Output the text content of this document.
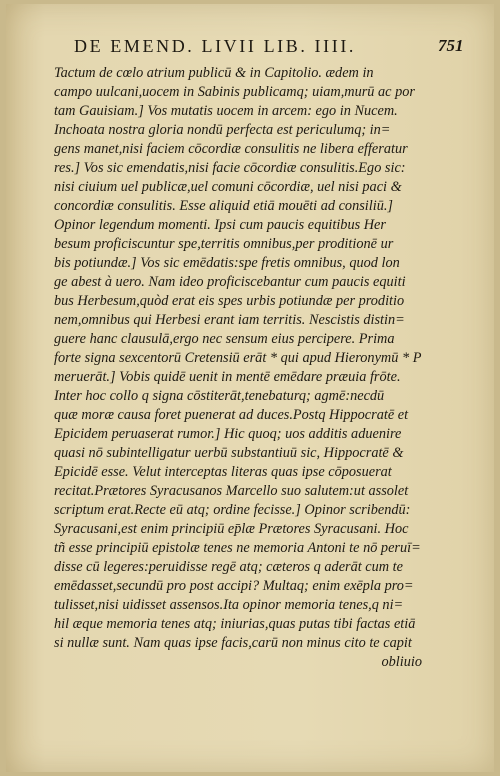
DE EMEND. LIVII LIB. IIII.	751
Tactum de cœlo atrium publicū & in Capitolio. ædem in
campo uulcani,uocem in Sabinis publicamq; uiam,murū ac por
tam Gauisiam.] Vos mutatis uocem in arcem: ego in Nucem.
Inchoata nostra gloria nondū perfecta est periculumq; in=
gens manet,nisi faciem cōcordiæ consulitis ne libera efferatur
res.] Vos sic emendatis,nisi facie cōcordiæ consulitis.Ego sic:
nisi ciuium uel publicæ,uel comuni cōcordiæ, uel nisi paci &
concordiæ consulitis. Esse aliquid etiā mouēti ad consiliū.]
Opinor legendum momenti. Ipsi cum paucis equitibus Her
besum proficiscuntur spe,territis omnibus,per proditionē ur
bis potiundæ.] Vos sic emēdatis:spe fretis omnibus, quod lon
ge abest à uero. Nam ideo proficiscebantur cum paucis equiti
bus Herbesum,quòd erat eis spes urbis potiundæ per proditio
nem,omnibus qui Herbesi erant iam territis. Nescistis distin=
guere hanc clausulā,ergo nec sensum eius percipere. Prima
forte signa sexcentorū Cretensiū erāt * qui apud Hieronymū * P
meruerāt.] Vobis quidē uenit in mentē emēdare præuia frōte.
Inter hoc collo q signa cōstiterāt,tenebaturq; agmē:necdū
quæ moræ causa foret puenerat ad duces.Postq Hippocratē et
Epicidem peruaserat rumor.] Hic quoq; uos additis aduenire
quasi nō subintelligatur uerbū substantiuū sic, Hippocratē &
Epicidē esse. Velut interceptas literas quas ipse cōposuerat
recitat.Prætores Syracusanos Marcello suo salutem:ut assolet
scriptum erat.Recte eū atq; ordine fecisse.] Opinor scribendū:
Syracusani,est enim principiū ep̄læ Prætores Syracusani. Hoc
tñ esse principiū epistolæ tenes ne memoria Antoni te nō peruī=
disse cū legeres:peruidisse regē atq; cæteros q aderāt cum te
emēdasset,secundū pro post accipi? Multaq; enim exēpla pro=
tulisset,nisi uidisset assensos.Ita opinor memoria tenes,q ni=
hil æque memoria tenes atq; iniurias,quas putas tibi factas etiā
si nullæ sunt. Nam quas ipse facis,carū non minus cito te capit
obliuio
